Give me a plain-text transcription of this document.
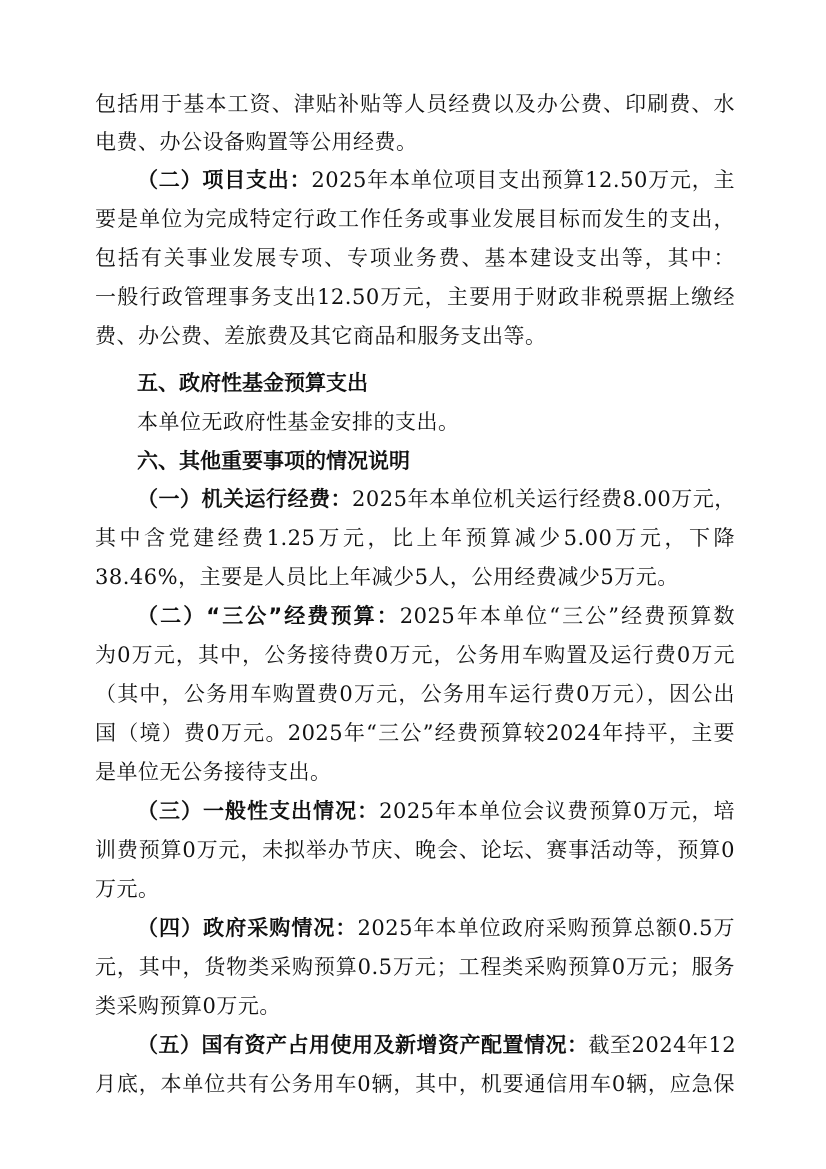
包括用于基本工资、津贴补贴等人员经费以及办公费、印刷费、水
电费、办公设备购置等公用经费。
（二）项目支出：2025年本单位项目支出预算12.50万元，主
要是单位为完成特定行政工作任务或事业发展目标而发生的支出，
包括有关事业发展专项、专项业务费、基本建设支出等，其中：
一般行政管理事务支出12.50万元，主要用于财政非税票据上缴经
费、办公费、差旅费及其它商品和服务支出等。
五、政府性基金预算支出
本单位无政府性基金安排的支出。
六、其他重要事项的情况说明
（一）机关运行经费：2025年本单位机关运行经费8.00万元，
其中含党建经费1.25万元，比上年预算减少5.00万元，下降
38.46%，主要是人员比上年减少5人，公用经费减少5万元。
（二）“三公”经费预算：2025年本单位“三公”经费预算数
为0万元，其中，公务接待费0万元，公务用车购置及运行费0万元
（其中，公务用车购置费0万元，公务用车运行费0万元），因公出
国（境）费0万元。2025年“三公”经费预算较2024年持平，主要
是单位无公务接待支出。
（三）一般性支出情况：2025年本单位会议费预算0万元，培
训费预算0万元，未拟举办节庆、晚会、论坛、赛事活动等，预算0
万元。
（四）政府采购情况：2025年本单位政府采购预算总额0.5万
元，其中，货物类采购预算0.5万元；工程类采购预算0万元；服务
类采购预算0万元。
（五）国有资产占用使用及新增资产配置情况：截至2024年12
月底，本单位共有公务用车0辆，其中，机要通信用车0辆，应急保
